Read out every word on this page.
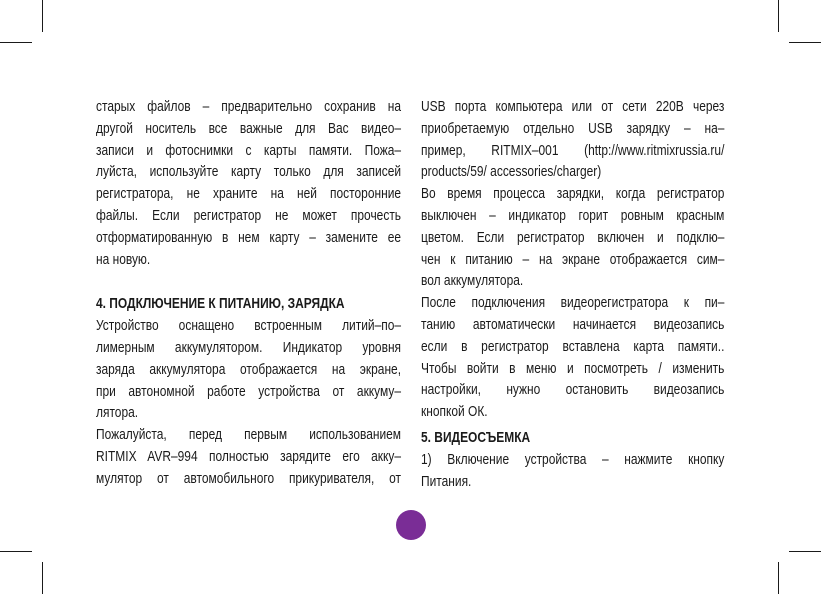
старых файлов – предварительно сохранив на
другой носитель все важные для Вас видео–
записи и фотоснимки с карты памяти. Пожа–
луйста, используйте карту только для записей
регистратора, не храните на ней посторонние
файлы. Если регистратор не может прочесть
отформатированную в нем карту – замените ее
на новую.
4. ПОДКЛЮЧЕНИЕ К ПИТАНИЮ, ЗАРЯДКА
Устройство оснащено встроенным литий–по–
лимерным аккумулятором. Индикатор уровня
заряда аккумулятора отображается на экране,
при автономной работе устройства от аккуму–
лятора.
Пожалуйста, перед первым использованием
RITMIX AVR–994 полностью зарядите его акку–
мулятор от автомобильного прикуривателя, от
USB порта компьютера или от сети 220В через
приобретаемую отдельно USB зарядку – на–
пример, RITMIX–001 (http://www.ritmixrussia.ru/
products/59/ accessories/charger)
Во время процесса зарядки, когда регистратор
выключен – индикатор горит ровным красным
цветом. Если регистратор включен и подклю–
чен к питанию – на экране отображается сим–
вол аккумулятора.
После подключения видеорегистратора к пи–
танию автоматически начинается видеозапись
если в регистратор вставлена карта памяти..
Чтобы войти в меню и посмотреть / изменить
настройки, нужно остановить видеозапись
кнопкой ОК.
5. ВИДЕОСЪЕМКА
1) Включение устройства – нажмите кнопку
Питания.
